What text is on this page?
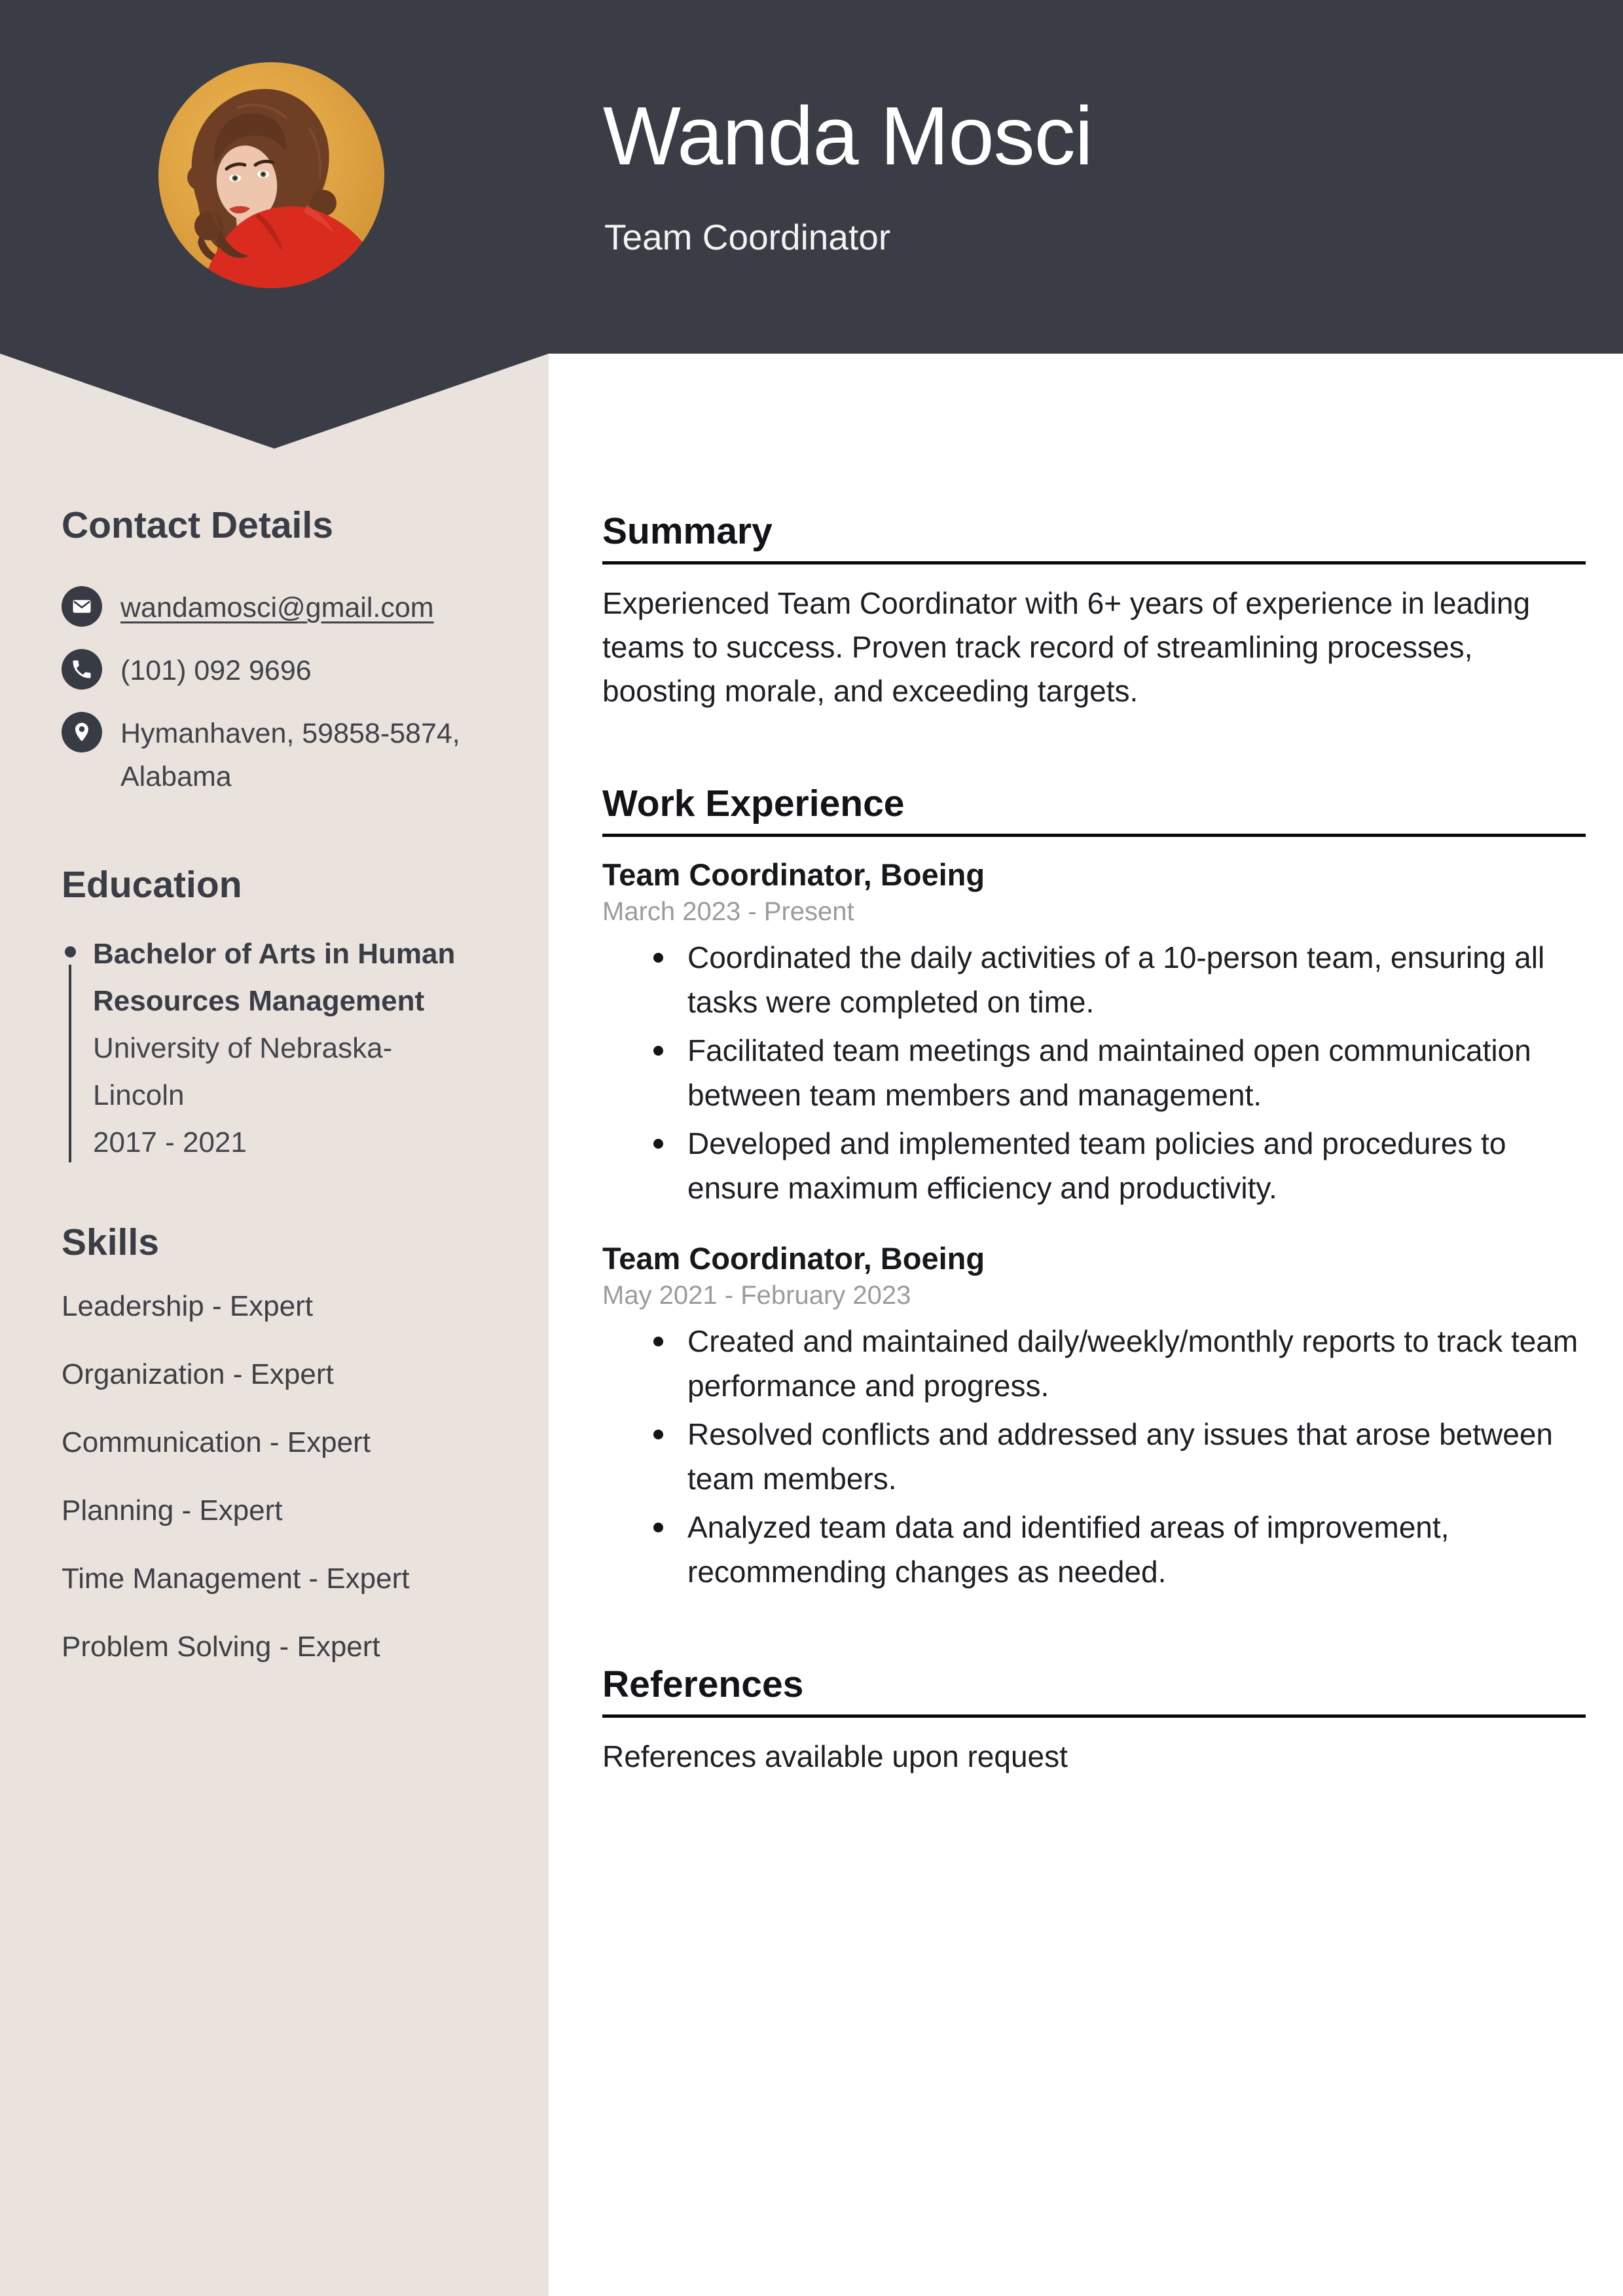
Wanda Mosci
Team Coordinator
Contact Details
wandamosci@gmail.com
(101) 092 9696
Hymanhaven, 59858-5874, Alabama
Education
Bachelor of Arts in Human Resources Management
University of Nebraska-Lincoln
2017 - 2021
Skills
Leadership - Expert
Organization - Expert
Communication - Expert
Planning - Expert
Time Management - Expert
Problem Solving - Expert
Summary

Experienced Team Coordinator with 6+ years of experience in leading teams to success. Proven track record of streamlining processes, boosting morale, and exceeding targets.

Work Experience
Team Coordinator, Boeing
March 2023 - Present
Coordinated the daily activities of a 10-person team, ensuring all tasks were completed on time.
Facilitated team meetings and maintained open communication between team members and management.
Developed and implemented team policies and procedures to ensure maximum efficiency and productivity.
Team Coordinator, Boeing
May 2021 - February 2023
Created and maintained daily/weekly/monthly reports to track team performance and progress.
Resolved conflicts and addressed any issues that arose between team members.
Analyzed team data and identified areas of improvement, recommending changes as needed.
References

References available upon request
